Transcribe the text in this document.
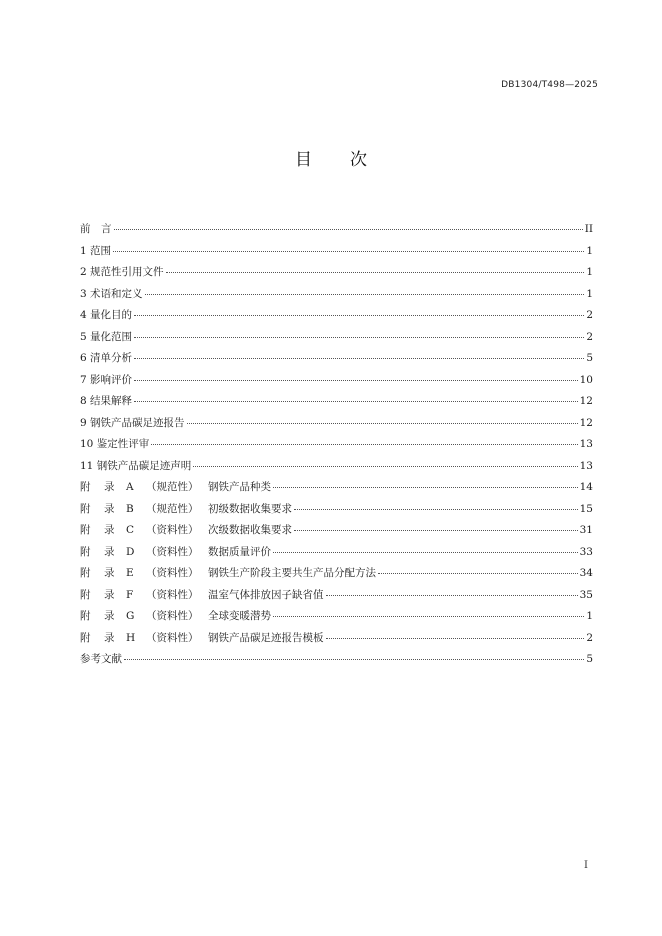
DB1304/T498—2025
目 次
前　言	II
1 范围	1
2 规范性引用文件	1
3 术语和定义	1
4 量化目的	2
5 量化范围	2
6 清单分析	5
7 影响评价	10
8 结果解释	12
9 钢铁产品碳足迹报告	12
10 鉴定性评审	13
11 钢铁产品碳足迹声明	13
附 录 A （规范性） 钢铁产品种类	14
附 录 B （规范性） 初级数据收集要求	15
附 录 C （资料性） 次级数据收集要求	31
附 录 D （资料性） 数据质量评价	33
附 录 E （资料性） 钢铁生产阶段主要共生产品分配方法	34
附 录 F （资料性） 温室气体排放因子缺省值	35
附 录 G （资料性） 全球变暖潜势	1
附 录 H （资料性） 钢铁产品碳足迹报告模板	2
参考文献	5
I
